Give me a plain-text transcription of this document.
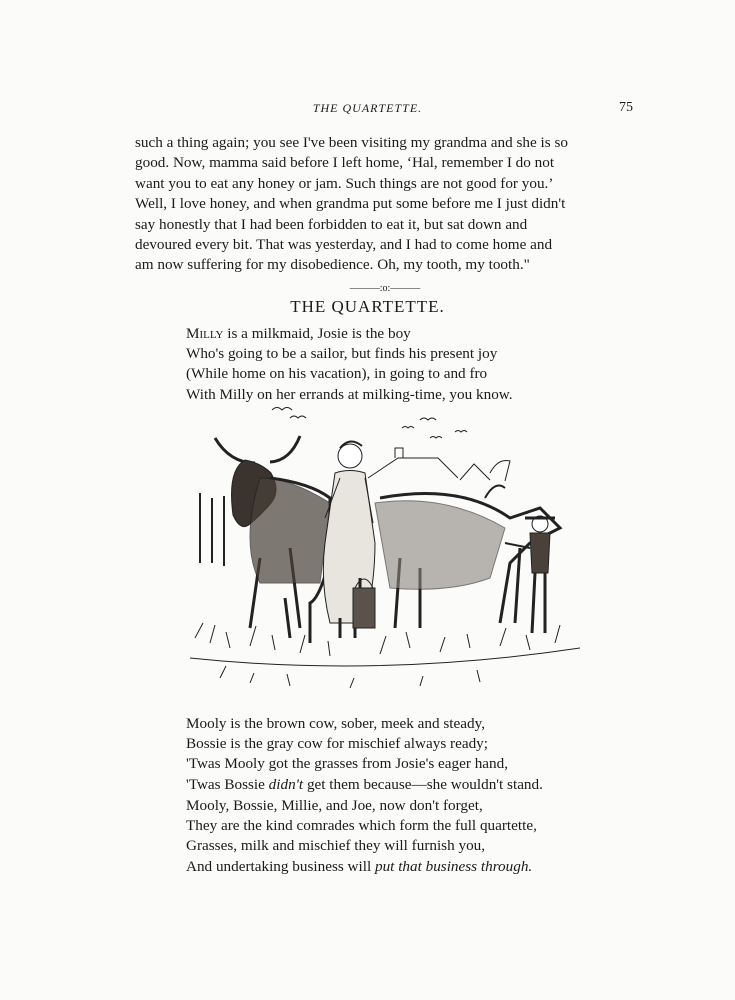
THE QUARTETTE.	75

such a thing again; you see I've been visiting my grandma and she is so
good. Now, mamma said before I left home, ‘Hal, remember I do not
want you to eat any honey or jam. Such things are not good for you.’
Well, I love honey, and when grandma put some before me I just didn't
say honestly that I had been forbidden to eat it, but sat down and
devoured every bit. That was yesterday, and I had to come home and
am now suffering for my disobedience. Oh, my tooth, my tooth."

———:o:———
THE QUARTETTE.
Milly is a milkmaid, Josie is the boy
Who's going to be a sailor, but finds his present joy
(While home on his vacation), in going to and fro
With Milly on her errands at milking-time, you know.
Mooly is the brown cow, sober, meek and steady,
Bossie is the gray cow for mischief always ready;
'Twas Mooly got the grasses from Josie's eager hand,
'Twas Bossie didn't get them because—she wouldn't stand.
Mooly, Bossie, Millie, and Joe, now don't forget,
They are the kind comrades which form the full quartette,
Grasses, milk and mischief they will furnish you,
And undertaking business will put that business through.
